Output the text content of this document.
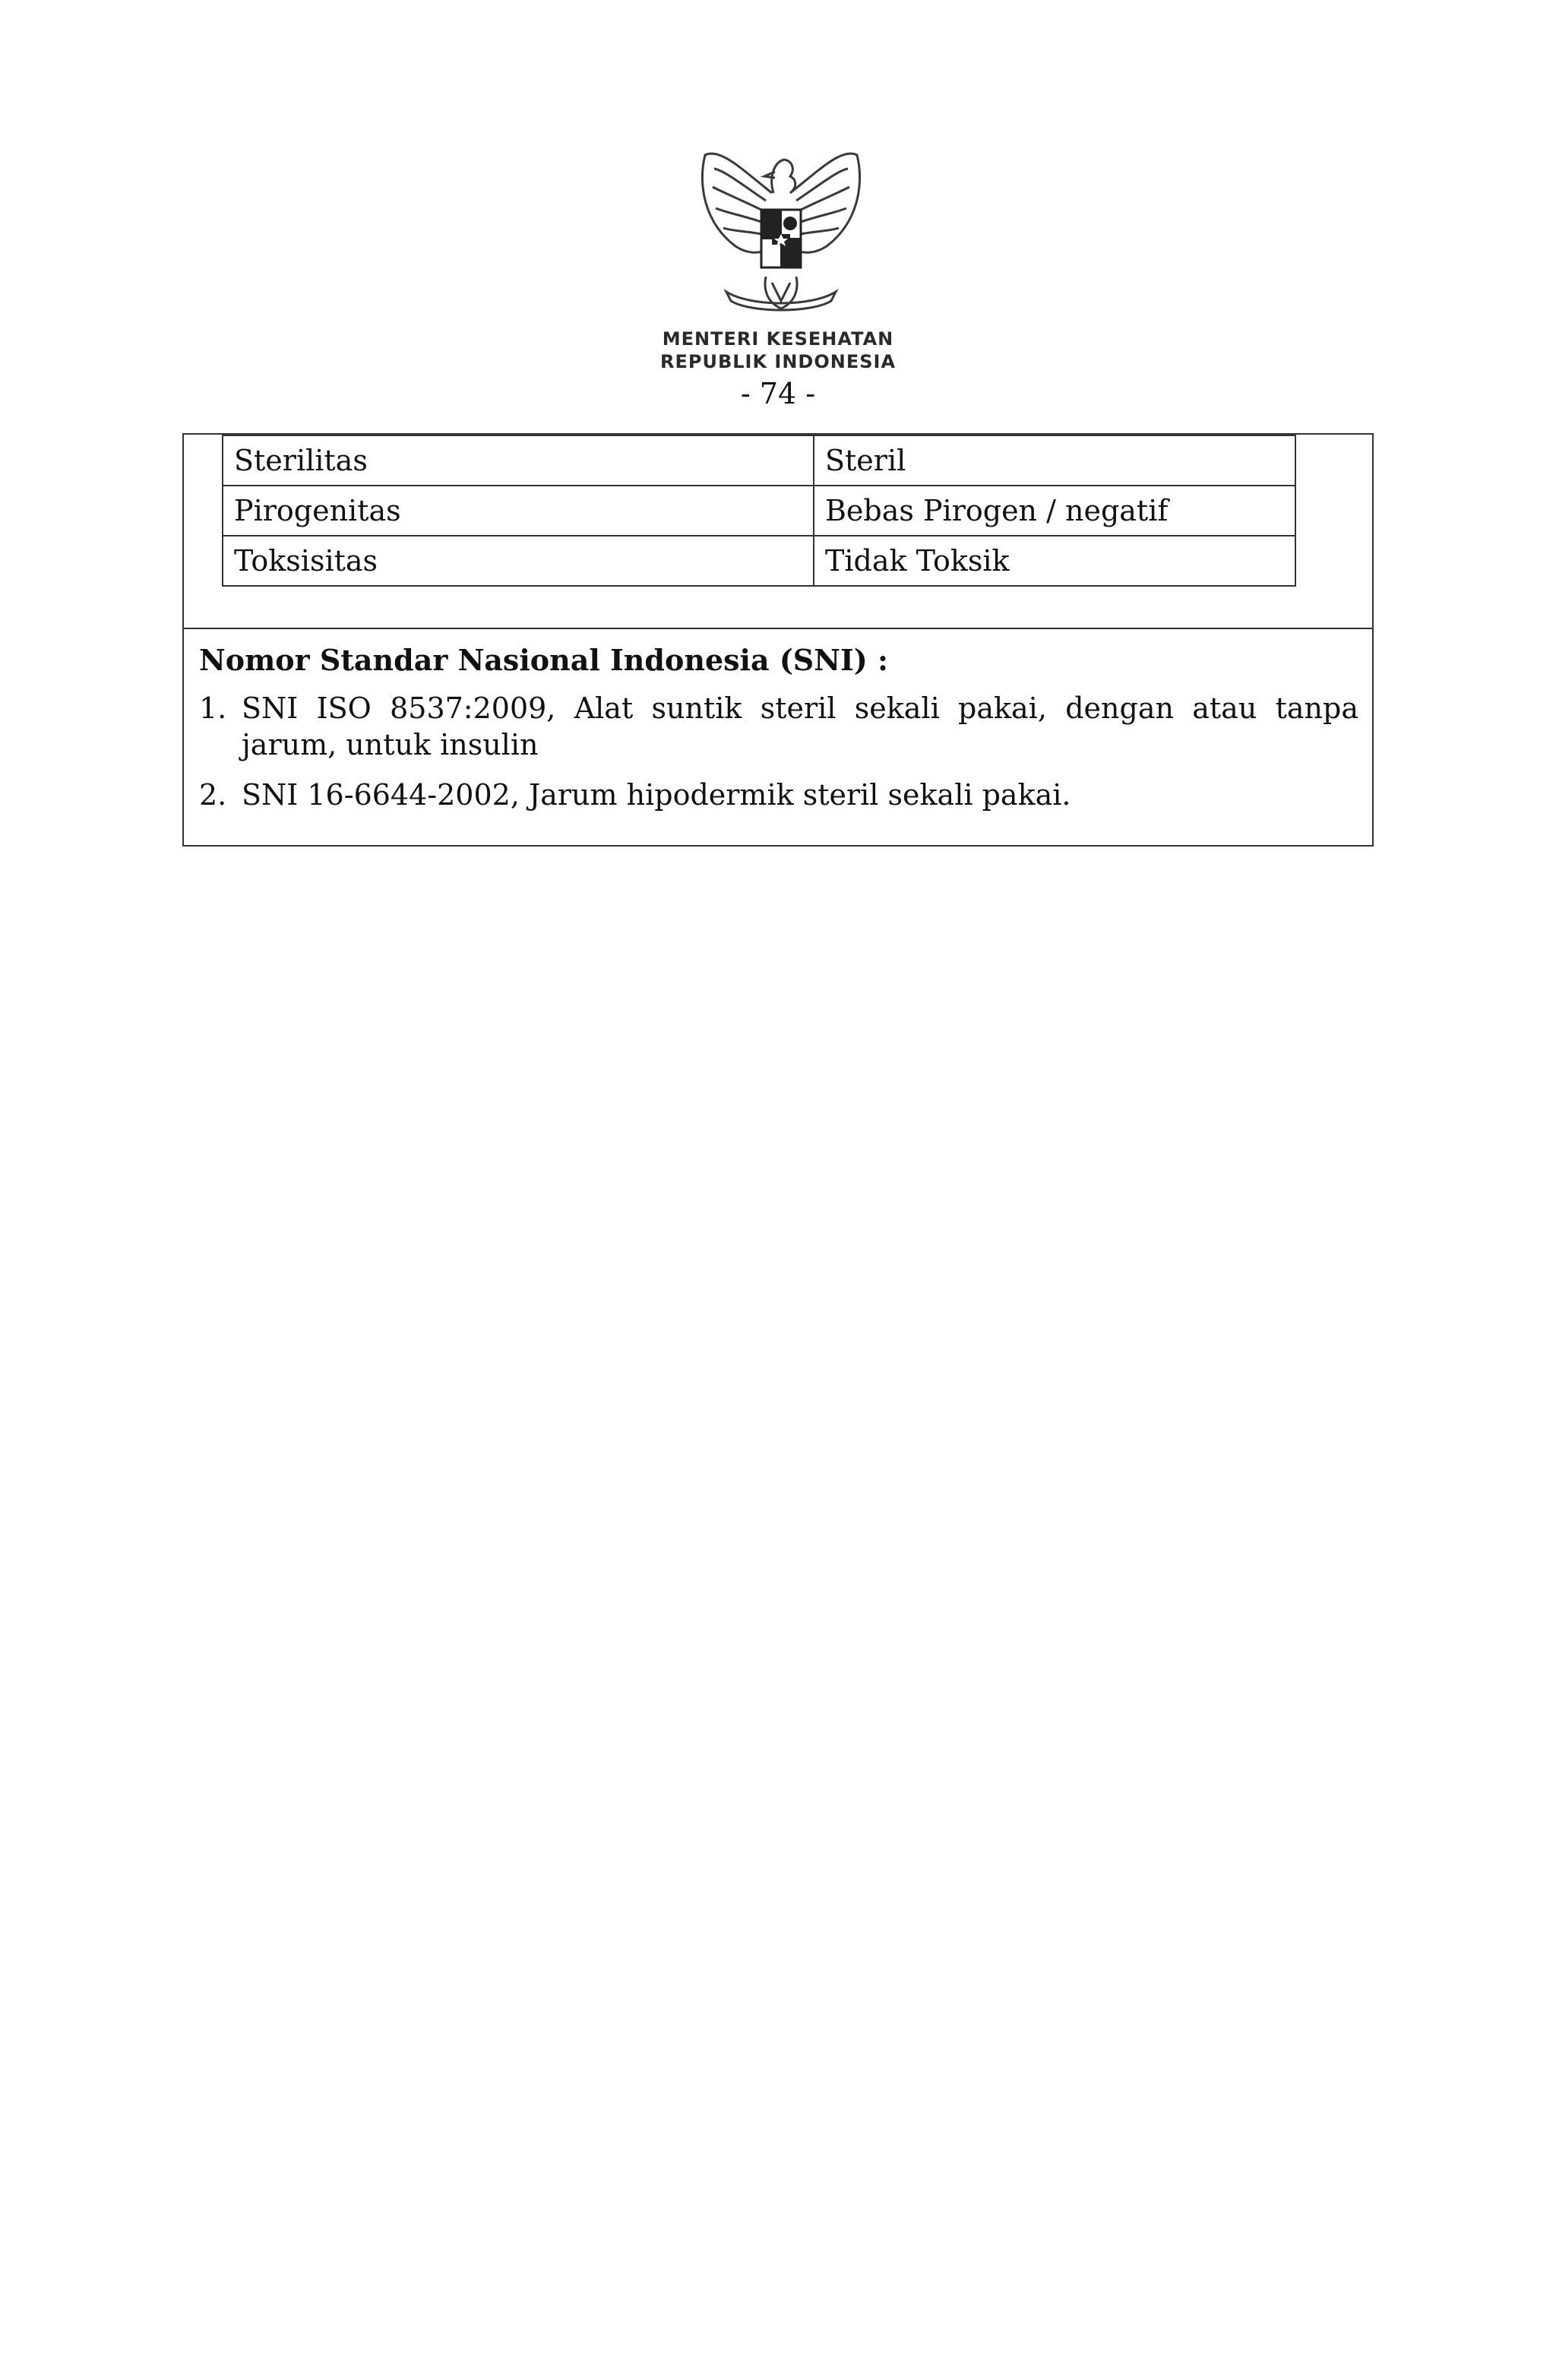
MENTERI KESEHATAN
REPUBLIK INDONESIA
- 74 -
Sterilitas	Steril
Pirogenitas	Bebas Pirogen / negatif
Toksisitas	Tidak Toksik
Nomor Standar Nasional Indonesia (SNI) :
1. SNI ISO 8537:2009, Alat suntik steril sekali pakai, dengan atau tanpa jarum, untuk insulin
2. SNI 16-6644-2002, Jarum hipodermik steril sekali pakai.
